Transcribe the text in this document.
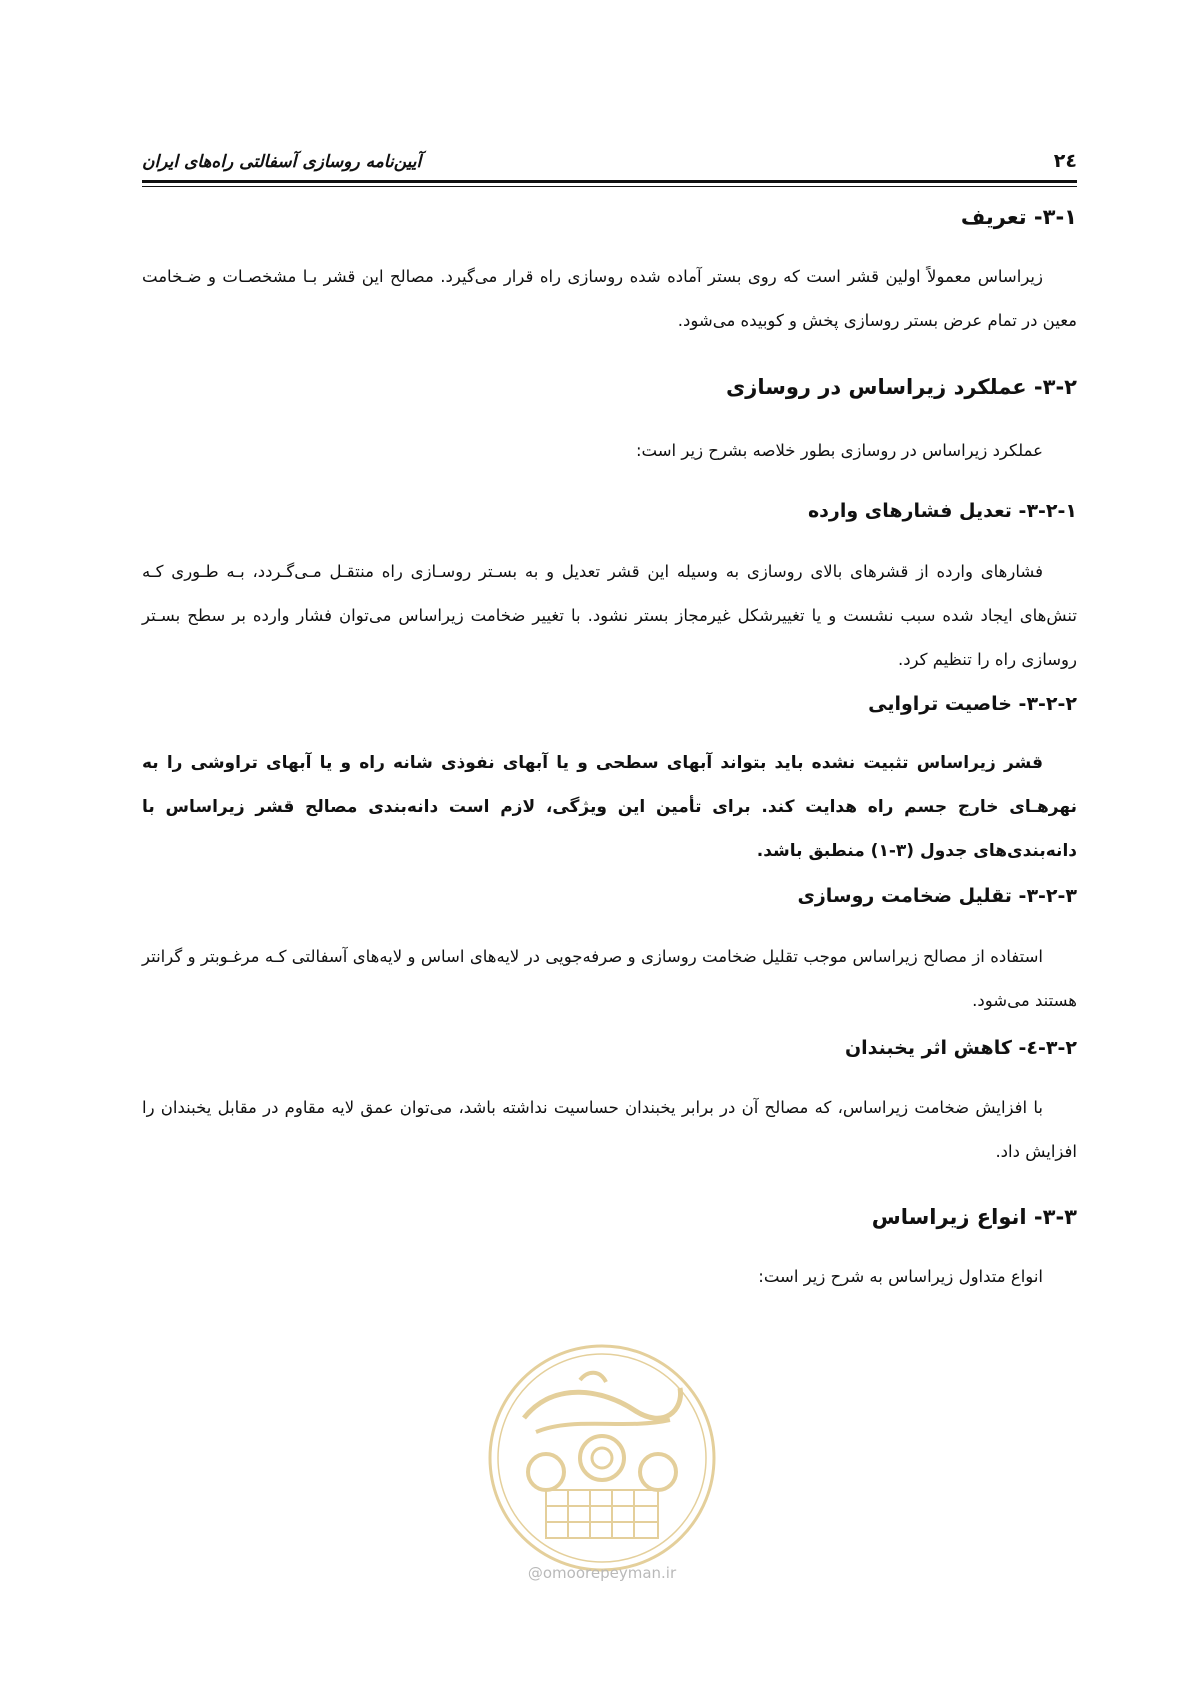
۲٤
آیین‌نامه روسازی آسفالتی راه‌های ایران
۳-۱- تعریف

زیراساس معمولاً اولین قشر است که روی بستر آماده شده روسازی راه قرار می‌گیرد. مصالح این قشر بـا مشخصـات و ضـخامت معین در تمام عرض بستر روسازی پخش و کوبیده می‌شود.

۳-۲- عملکرد زیراساس در روسازی

عملکرد زیراساس در روسازی بطور خلاصه بشرح زیر است:

۳-۲-۱- تعدیل فشارهای وارده

فشارهای وارده از قشرهای بالای روسازی به وسیله این قشر تعدیل و به بسـتر روسـازی راه منتقـل مـی‌گـردد، بـه طـوری کـه تنش‌های ایجاد شده سبب نشست و یا تغییرشکل غیرمجاز بستر نشود. با تغییر ضخامت زیراساس می‌توان فشار وارده بر سطح بسـتر روسازی راه را تنظیم کرد.

۳-۲-۲- خاصیت تراوایی

قشر زیراساس تثبیت نشده باید بتواند آبهای سطحی و یا آبهای نفوذی شانه راه و یا آبهای تراوشی را به نهرهـای خارج جسم راه هدایت کند. برای تأمین این ویژگی، لازم است دانه‌بندی مصالح قشر زیراساس با دانه‌بندی‌های جدول (۳-۱) منطبق باشد.

۳-۲-۳- تقلیل ضخامت روسازی

استفاده از مصالح زیراساس موجب تقلیل ضخامت روسازی و صرفه‌جویی در لایه‌های اساس و لایه‌های آسفالتی کـه مرغـوبتر و گرانتر هستند می‌شود.

۳-۲-٤- کاهش اثر یخبندان

با افزایش ضخامت زیراساس، که مصالح آن در برابر یخبندان حساسیت نداشته باشد، می‌توان عمق لایه مقاوم در مقابل یخبندان را افزایش داد.

۳-۳- انواع زیراساس

انواع متداول زیراساس به شرح زیر است:

@omoorepeyman.ir
